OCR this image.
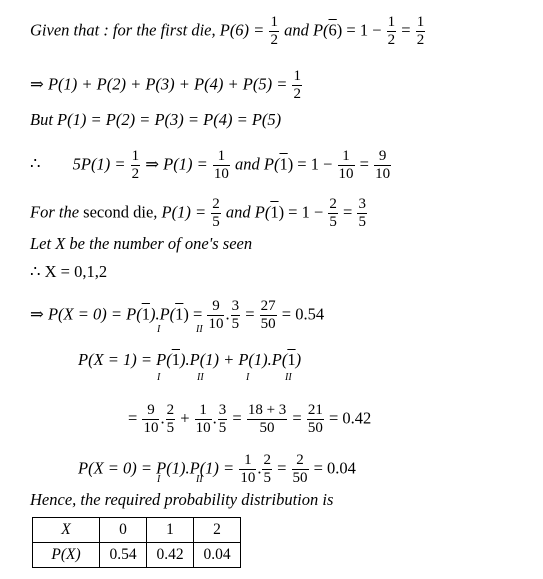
Given that : for the first die, $P(6) = \frac{1}{2}$ and $P(6) = 1 - \frac{1}{2} = \frac{1}{2}$
⇒ $P(1) + P(2) + P(3) + P(4) + P(5) = \frac{1}{2}$
But P(1) = P(2) = P(3) = P(4) = P(5)
∴ $5P(1) = \frac{1}{2}$ ⇒ $P(1) = \frac{1}{10}$ and $P(1) = 1 - \frac{1}{10} = \frac{9}{10}$
For the second die, $P(1) = \frac{2}{5}$ and $P(1) = 1 - \frac{2}{5} = \frac{3}{5}$
Let X be the number of one's seen
∴ X = 0,1,2
⇒ $P(X = 0) = P(1).P(1) = \frac{9}{10}$ . $\frac{3}{5} = \frac{27}{50} = 0.54$
I	II
P(X = 1) = P(1).P(1) + P(1).P(1)
I	II	I	II
= $\frac{9}{10}$ . $\frac{2}{5} + \frac{1}{10}$ . $\frac{3}{5} = \frac{18 + 3}{50} = \frac{21}{50} = 0.42$
$P(X = 0) = P(1).P(1) = \frac{1}{10}$ . $\frac{2}{5} = \frac{2}{50} = 0.04$
I	II
Hence, the required probability distribution is
X	0	1	2
P(X)	0.54	0.42	0.04
